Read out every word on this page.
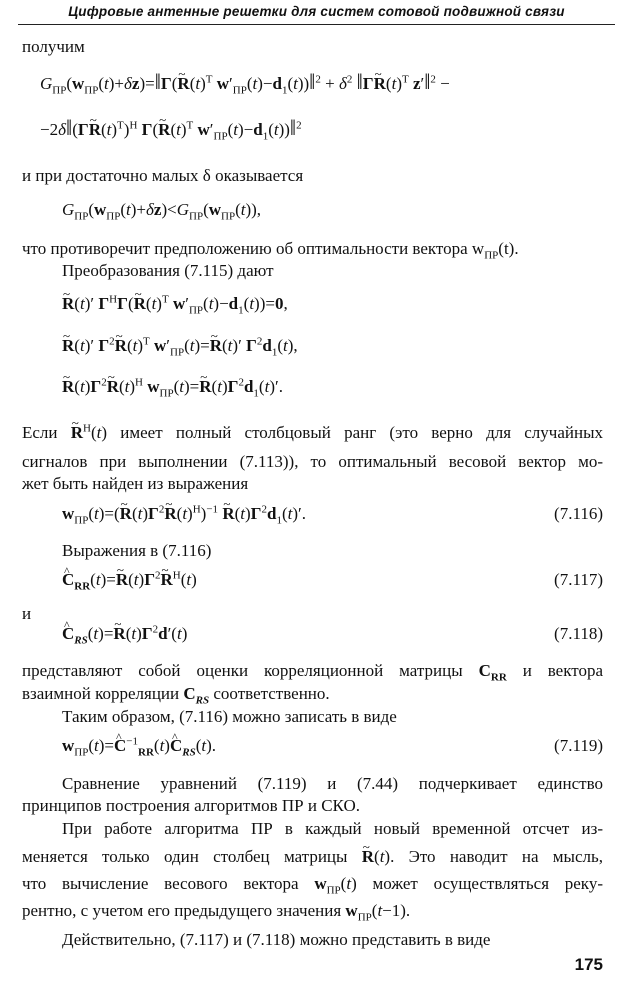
Цифровые антенные решетки для систем сотовой подвижной связи
получим
$G_{ПР}(w_{ПР}(t)+\delta z)=‖\Gamma(\sim$ $R(t)^T$ $w'_{ПР}(t)-d_1(t))‖^2 + \delta^2$ ‖Γ~ $R(t)^T$ z′‖$^2$ −
−2δ‖(Γ~ $R(t)^T)^H$ Γ(~ $R(t)^T$ $w'_{ПР}(t)-d_1(t))‖^2$
и при достаточно малых δ оказывается
$G_{ПР}(w_{ПР}(t)+\delta z)<G_{ПР}(w_{ПР}(t))$,
что противоречит предположению об оптимальности вектора $w_{ПР}(t)$.
Преобразования (7.115) дают
~ R(t)′ $\Gamma^H\Gamma(\sim$ $R(t)^T$ $w'_{ПР}(t)-d_1(t))=0$,
~ R(t)′ $\Gamma^2\sim$ $R(t)^T$ $w'_{ПР}(t)=\sim$ R(t)′ $\Gamma^2d_1(t)$,
~ $R(t)\Gamma^2\sim$ $R(t)^H$ $w_{ПР}(t)=\sim$ $R(t)\Gamma^2d_1(t)'$.
Если ~ $R^H(t)$ имеет полный столбцовый ранг (это верно для случайных
сигналов при выполнении (7.113)), то оптимальный весовой вектор мо-
жет быть найден из выражения
$w_{ПР}(t)=(\sim$ $R(t)\Gamma^2\sim$ $R(t)^H)^{-1}$ ~ $R(t)\Gamma^2d_1(t)'$.	(7.116)
Выражения в (7.116)
^ $C_{RR}(t)=\sim$ $R(t)\Gamma^2\sim$ $R^H(t)$	(7.117)
и
^ $C_{RS}(t)=\sim$ $R(t)\Gamma^2d'(t)$	(7.118)
представляют собой оценки корреляционной матрицы $C_{RR}$ и вектора
взаимной корреляции $C_{RS}$ соответственно.
Таким образом, (7.116) можно записать в виде
$w_{ПР}(t)=\^{}$ $C^{-1}_{RR}(t)\^{}$ $C_{RS}(t)$.	(7.119)
Сравнение уравнений (7.119) и (7.44) подчеркивает единство
принципов построения алгоритмов ПР и СКО.
При работе алгоритма ПР в каждый новый временной отсчет из-
меняется только один столбец матрицы ~ R(t). Это наводит на мысль,
что вычисление весового вектора $w_{ПР}(t)$ может осуществляться реку-
рентно, с учетом его предыдущего значения $w_{ПР}(t-1)$.
Действительно, (7.117) и (7.118) можно представить в виде
175
